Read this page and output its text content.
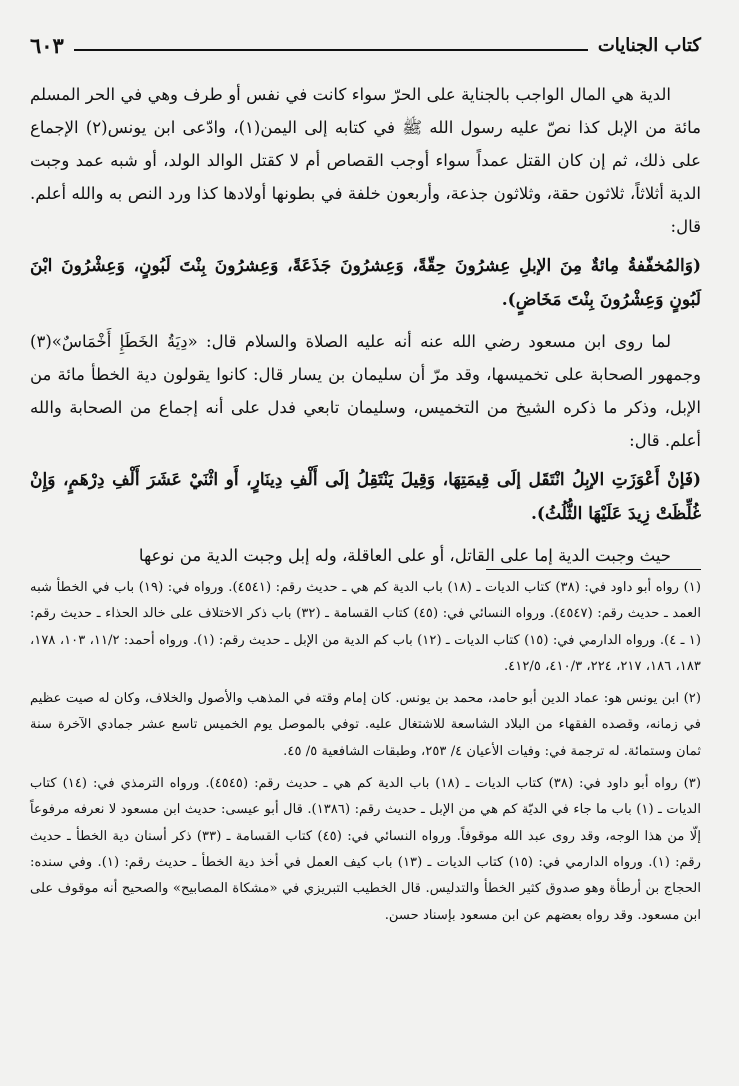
كتاب الجنايات
٦٠٣

الدية هي المال الواجب بالجناية على الحرّ سواء كانت في نفس أو طرف وهي في الحر المسلم مائة من الإبل كذا نصّ عليه رسول الله ﷺ في كتابه إلى اليمن(١)، وادّعى ابن يونس(٢) الإجماع على ذلك، ثم إن كان القتل عمداً سواء أوجب القصاص أم لا كقتل الوالد الولد، أو شبه عمد وجبت الدية أثلاثاً، ثلاثون حقة، وثلاثون جذعة، وأربعون خلفة في بطونها أولادها كذا ورد النص به والله أعلم. قال:

(وَالمُخفّفةُ مِائةٌ مِنَ الإبلِ عِشرُونَ حِقّةً، وَعِشرُونَ جَذَعَةً، وَعِشرُونَ بِنْتَ لَبُونٍ، وَعِشْرُونَ ابْنَ لَبُونٍ وَعِشْرُونَ بِنْتَ مَخَاضٍ).

لما روى ابن مسعود رضي الله عنه أنه عليه الصلاة والسلام قال: «دِيَةُ الخَطَإِ أَخْمَاسٌ»(٣) وجمهور الصحابة على تخميسها، وقد مرّ أن سليمان بن يسار قال: كانوا يقولون دية الخطأ مائة من الإبل، وذكر ما ذكره الشيخ من التخميس، وسليمان تابعي فدل على أنه إجماع من الصحابة والله أعلم. قال:

(فَإنْ أَعْوَزَتِ الإبِلُ انْتَقَل إلَى قِيمَتِهَا، وَقِيلَ يَنْتَقِلُ إلَى أَلْفِ دِينَارٍ، أَو اثْنَيْ عَشَرَ أَلْفِ دِرْهَمٍ، وَإِنْ غُلِّظَتْ زِيدَ عَلَيْهَا الثُّلُثُ).

حيث وجبت الدية إما على القاتل، أو على العاقلة، وله إبل وجبت الدية من نوعها

(١) رواه أبو داود في: (٣٨) كتاب الديات ـ (١٨) باب الدية كم هي ـ حديث رقم: (٤٥٤١). ورواه في: (١٩) باب في الخطأ شبه العمد ـ حديث رقم: (٤٥٤٧). ورواه النسائي في: (٤٥) كتاب القسامة ـ (٣٢) باب ذكر الاختلاف على خالد الحذاء ـ حديث رقم: (١ ـ ٤). ورواه الدارمي في: (١٥) كتاب الديات ـ (١٢) باب كم الدية من الإبل ـ حديث رقم: (١). ورواه أحمد: ١١/٢، ١٠٣، ١٧٨، ١٨٣، ١٨٦، ٢١٧، ٢٢٤، ٤١٠/٣، ٤١٢/٥.

(٢) ابن يونس هو: عماد الدين أبو حامد، محمد بن يونس. كان إمام وقته في المذهب والأصول والخلاف، وكان له صيت عظيم في زمانه، وقصده الفقهاء من البلاد الشاسعة للاشتغال عليه. توفي بالموصل يوم الخميس تاسع عشر جمادي الآخرة سنة ثمان وستمائة. له ترجمة في: وفيات الأعيان ٤/ ٢٥٣، وطبقات الشافعية ٥/ ٤٥.

(٣) رواه أبو داود في: (٣٨) كتاب الديات ـ (١٨) باب الدية كم هي ـ حديث رقم: (٤٥٤٥). ورواه الترمذي في: (١٤) كتاب الديات ـ (١) باب ما جاء في الديّة كم هي من الإبل ـ حديث رقم: (١٣٨٦). قال أبو عيسى: حديث ابن مسعود لا نعرفه مرفوعاً إلّا من هذا الوجه، وقد روى عبد الله موقوفاً. ورواه النسائي في: (٤٥) كتاب القسامة ـ (٣٣) ذكر أسنان دية الخطأ ـ حديث رقم: (١). ورواه الدارمي في: (١٥) كتاب الديات ـ (١٣) باب كيف العمل في أخذ دية الخطأ ـ حديث رقم: (١). وفي سنده: الحجاج بن أرطأة وهو صدوق كثير الخطأ والتدليس. قال الخطيب التبريزي في «مشكاة المصابيح» والصحيح أنه موقوف على ابن مسعود. وقد رواه بعضهم عن ابن مسعود بإسناد حسن.
